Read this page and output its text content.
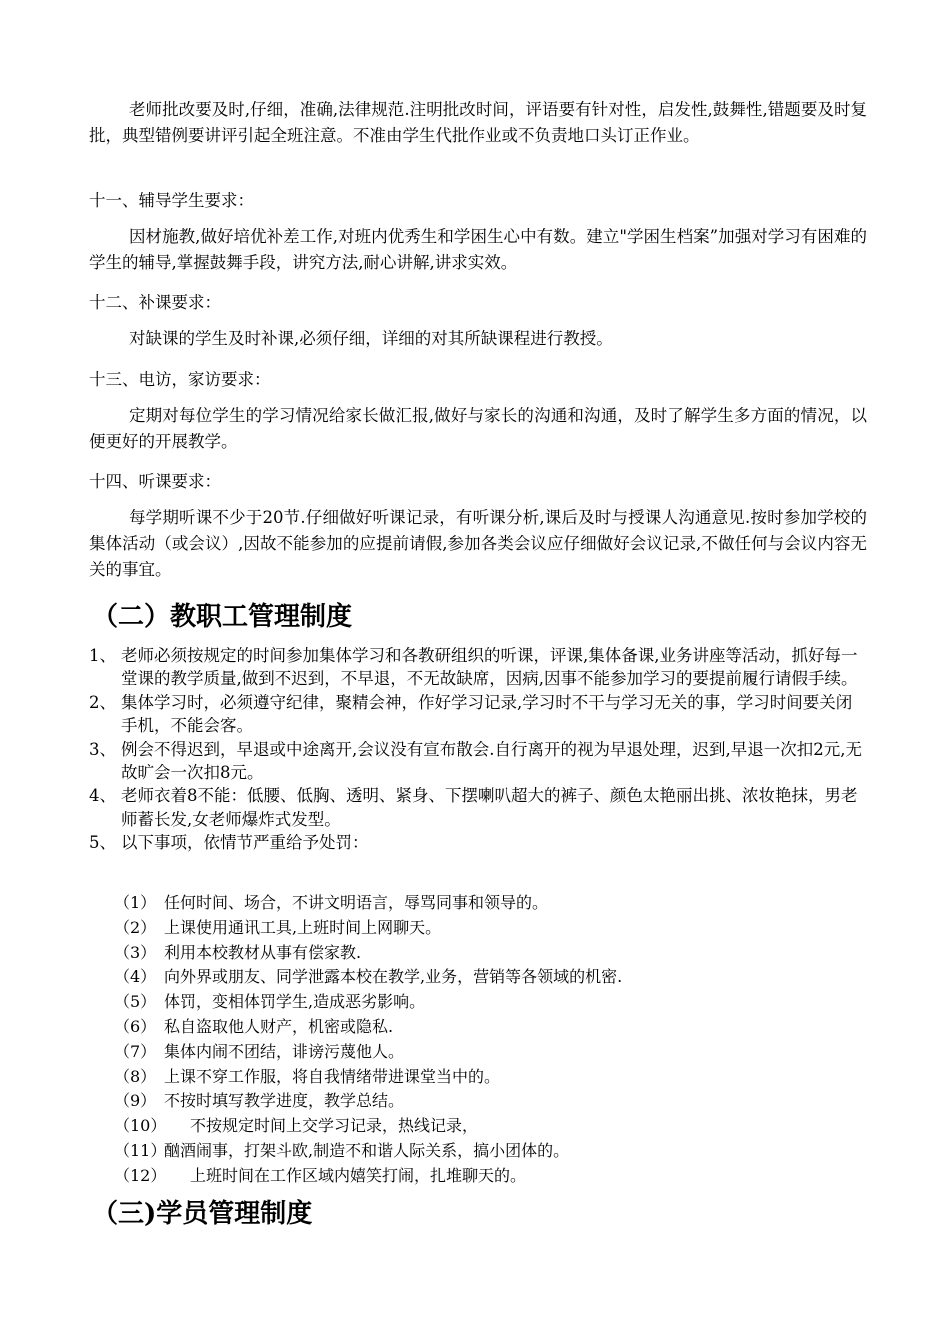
老师批改要及时,仔细，准确,法律规范.注明批改时间，评语要有针对性，启发性,鼓舞性,错题要及时复批，典型错例要讲评引起全班注意。不准由学生代批作业或不负责地口头订正作业。

十一、辅导学生要求：

因材施教,做好培优补差工作,对班内优秀生和学困生心中有数。建立"学困生档案”加强对学习有困难的学生的辅导,掌握鼓舞手段，讲究方法,耐心讲解,讲求实效。

十二、补课要求：

对缺课的学生及时补课,必须仔细，详细的对其所缺课程进行教授。

十三、电访，家访要求：

定期对每位学生的学习情况给家长做汇报,做好与家长的沟通和沟通，及时了解学生多方面的情况，以便更好的开展教学。

十四、听课要求：

每学期听课不少于20节.仔细做好听课记录，有听课分析,课后及时与授课人沟通意见.按时参加学校的集体活动（或会议）,因故不能参加的应提前请假,参加各类会议应仔细做好会议记录,不做任何与会议内容无关的事宜。

（二）教职工管理制度
1、 老师必须按规定的时间参加集体学习和各教研组织的听课，评课,集体备课,业务讲座等活动，抓好每一堂课的教学质量,做到不迟到，不早退，不无故缺席，因病,因事不能参加学习的要提前履行请假手续。
2、 集体学习时，必须遵守纪律，聚精会神，作好学习记录,学习时不干与学习无关的事，学习时间要关闭手机，不能会客。
3、 例会不得迟到，早退或中途离开,会议没有宣布散会.自行离开的视为早退处理，迟到,早退一次扣2元,无故旷会一次扣8元。
4、 老师衣着8不能：低腰、低胸、透明、紧身、下摆喇叭超大的裤子、颜色太艳丽出挑、浓妆艳抹，男老师蓄长发,女老师爆炸式发型。
5、 以下事项，依情节严重给予处罚：
（1） 任何时间、场合，不讲文明语言，辱骂同事和领导的。
（2） 上课使用通讯工具,上班时间上网聊天。
（3） 利用本校教材从事有偿家教.
（4） 向外界或朋友、同学泄露本校在教学,业务，营销等各领域的机密.
（5） 体罚，变相体罚学生,造成恶劣影响。
（6） 私自盗取他人财产，机密或隐私.
（7） 集体内闹不团结，诽谤污蔑他人。
（8） 上课不穿工作服，将自我情绪带进课堂当中的。
（9） 不按时填写教学进度，教学总结。
（10） 不按规定时间上交学习记录，热线记录，
（11）
酗酒闹事，打架斗欧,制造不和谐人际关系，搞小团体的。
（12） 上班时间在工作区域内嬉笑打闹，扎堆聊天的。
（三)学员管理制度
